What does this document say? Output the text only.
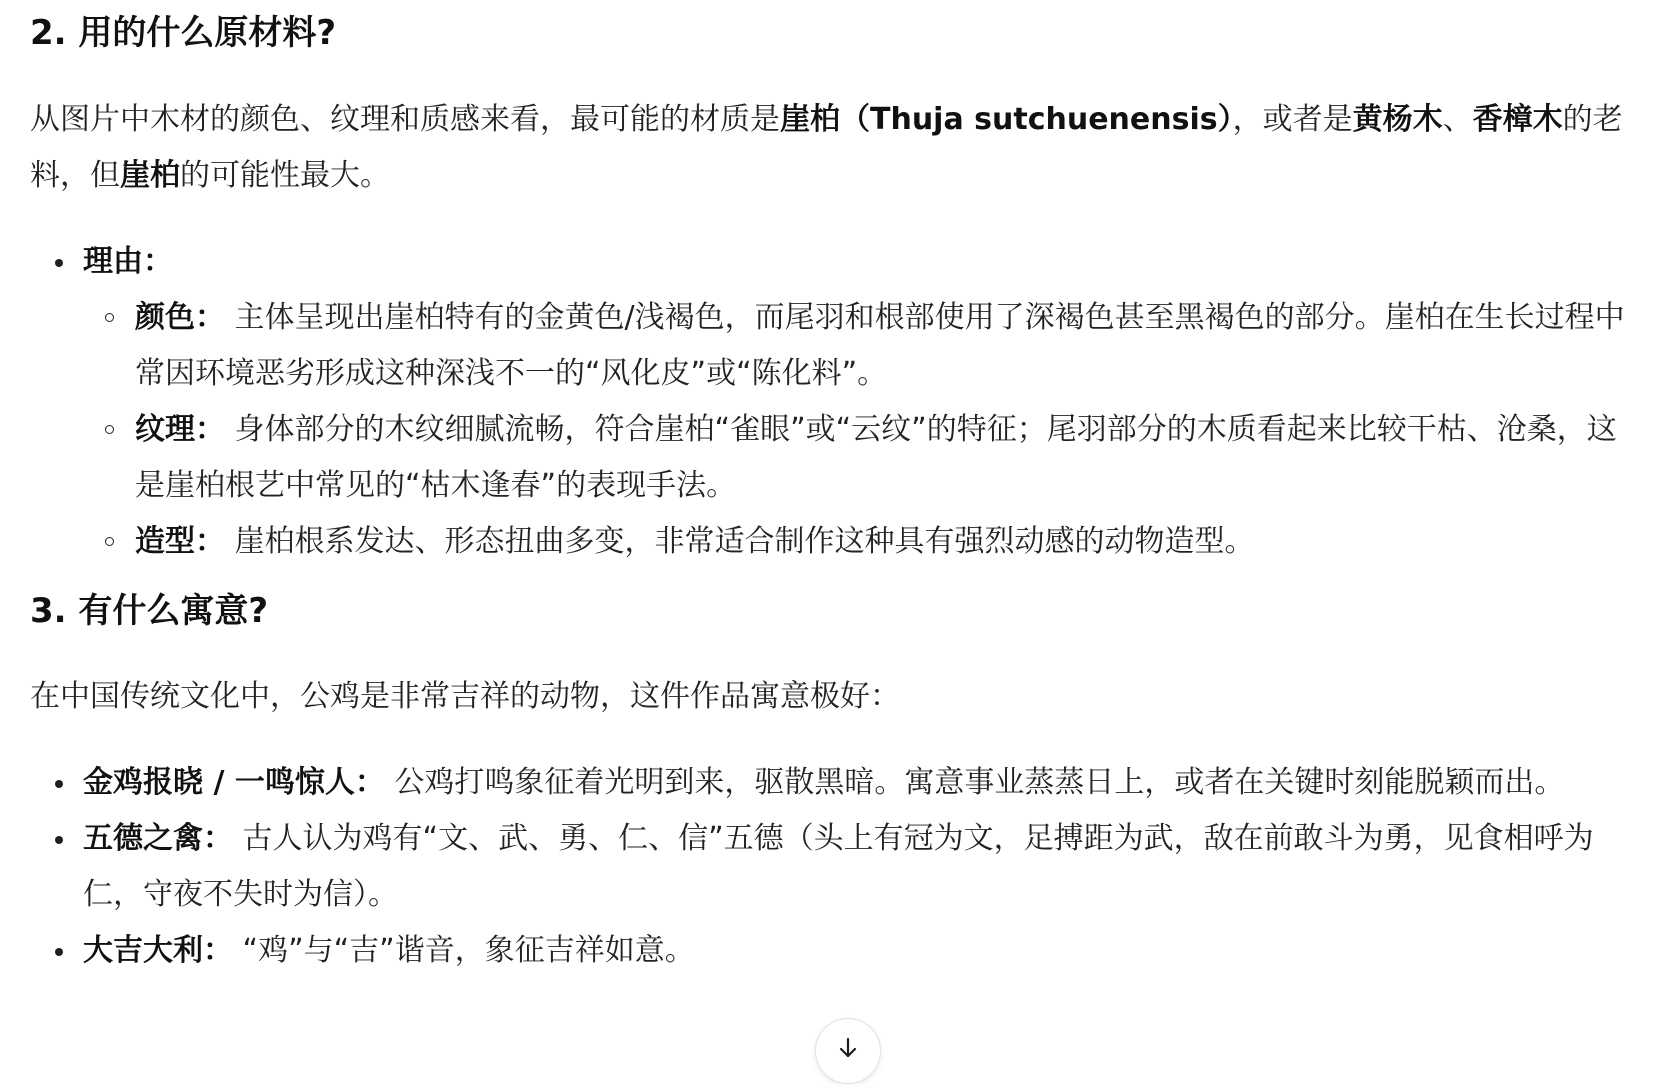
2. 用的什么原材料?

从图片中木材的颜色、纹理和质感来看，最可能的材质是崖柏（Thuja sutchuenensis），或者是黄杨木、香樟木的老料，但崖柏的可能性最大。

理由：
颜色： 主体呈现出崖柏特有的金黄色/浅褐色，而尾羽和根部使用了深褐色甚至黑褐色的部分。崖柏在生长过程中常因环境恶劣形成这种深浅不一的“风化皮”或“陈化料”。
纹理： 身体部分的木纹细腻流畅，符合崖柏“雀眼”或“云纹”的特征；尾羽部分的木质看起来比较干枯、沧桑，这是崖柏根艺中常见的“枯木逢春”的表现手法。
造型： 崖柏根系发达、形态扭曲多变，非常适合制作这种具有强烈动感的动物造型。
3. 有什么寓意?

在中国传统文化中，公鸡是非常吉祥的动物，这件作品寓意极好：

金鸡报晓 / 一鸣惊人： 公鸡打鸣象征着光明到来，驱散黑暗。寓意事业蒸蒸日上，或者在关键时刻能脱颖而出。
五德之禽： 古人认为鸡有“文、武、勇、仁、信”五德（头上有冠为文，足搏距为武，敌在前敢斗为勇，见食相呼为仁，守夜不失时为信）。
大吉大利： “鸡”与“吉”谐音，象征吉祥如意。
